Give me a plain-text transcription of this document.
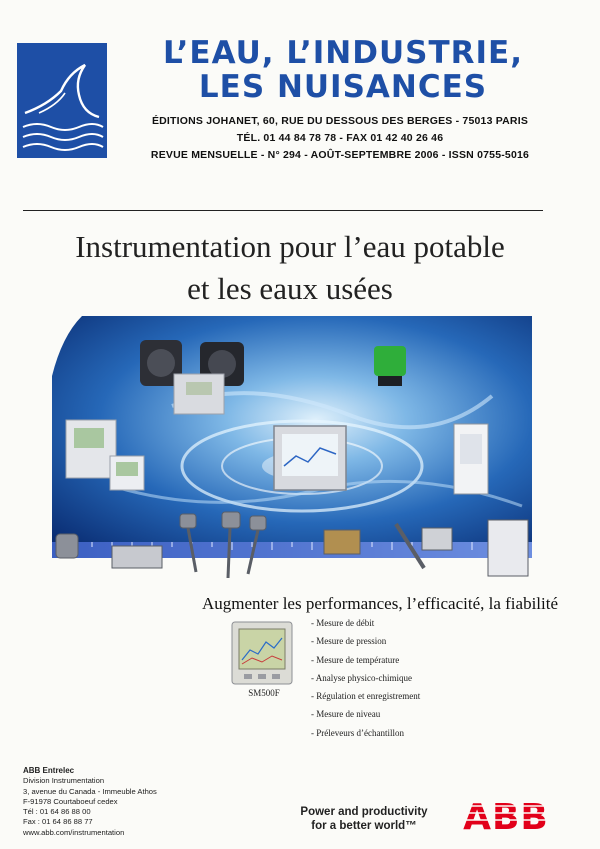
L’EAU, L’INDUSTRIE,
LES NUISANCES
ÉDITIONS JOHANET, 60, RUE DU DESSOUS DES BERGES - 75013 PARIS
TÉL. 01 44 84 78 78 - FAX 01 42 40 26 46
REVUE MENSUELLE - N° 294 - AOÛT-SEPTEMBRE 2006 - ISSN 0755-5016
Instrumentation pour l’eau potable
et les eaux usées
Augmenter les performances, l’efficacité, la fiabilité
SM500F
- Mesure de débit
- Mesure de pression
- Mesure de température
- Analyse physico-chimique
- Régulation et enregistrement
- Mesure de niveau
- Préleveurs d’échantillon
ABB Entrelec
Division Instrumentation
3, avenue du Canada - Immeuble Athos
F-91978 Courtaboeuf cedex
Tél : 01 64 86 88 00
Fax : 01 64 86 88 77
www.abb.com/instrumentation
Power and productivity
for a better world™	ABB
